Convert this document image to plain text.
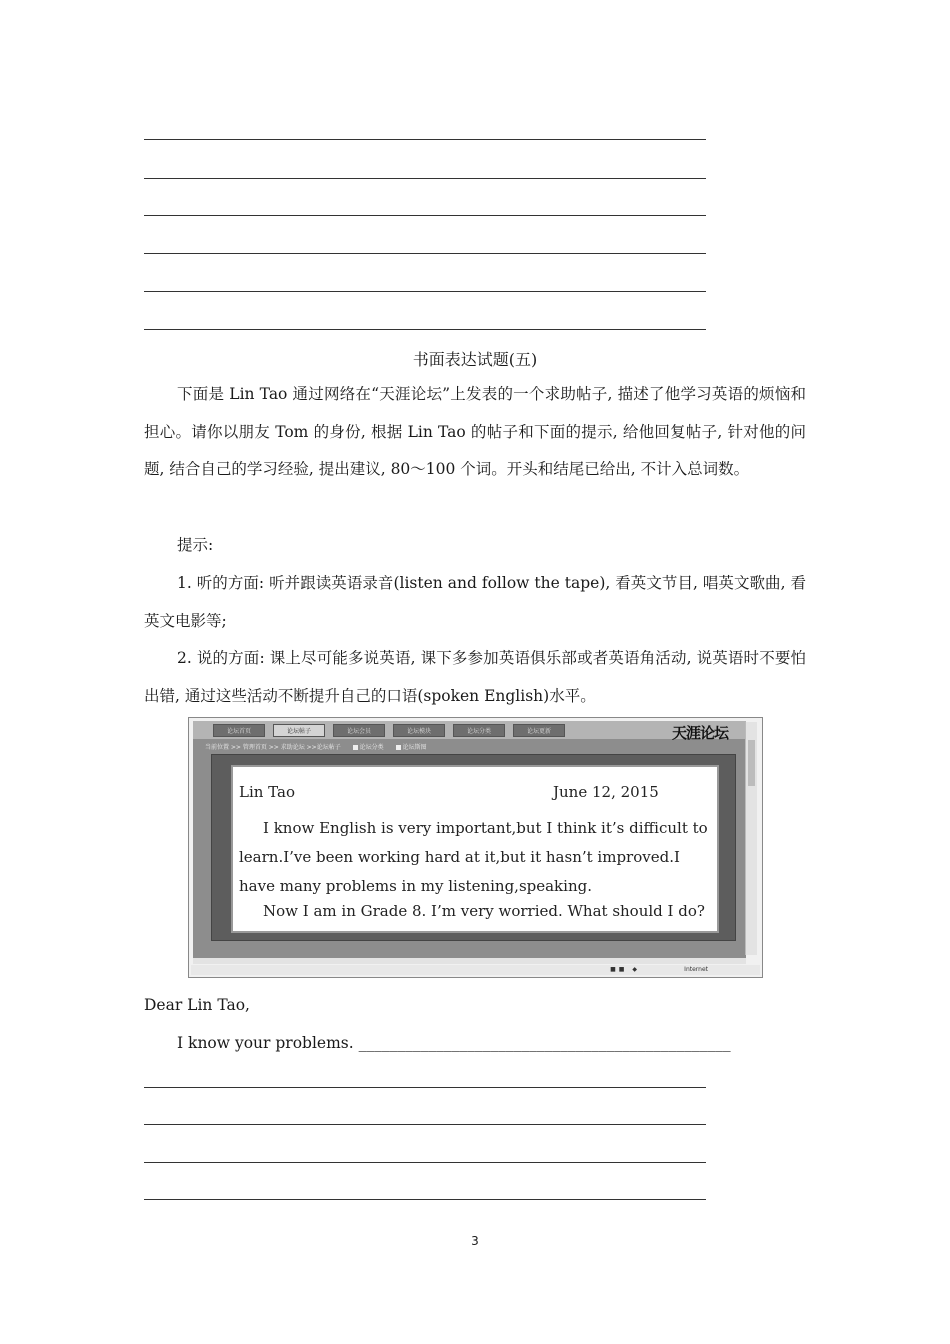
书面表达试题(五)
下面是 Lin Tao 通过网络在“天涯论坛”上发表的一个求助帖子, 描述了他学习英语的烦恼和担心。请你以朋友 Tom 的身份, 根据 Lin Tao 的帖子和下面的提示, 给他回复帖子, 针对他的问题, 结合自己的学习经验, 提出建议, 80～100 个词。开头和结尾已给出, 不计入总词数。
提示:
1. 听的方面: 听并跟读英语录音(listen and follow the tape), 看英文节目, 唱英文歌曲, 看英文电影等;
2. 说的方面: 课上尽可能多说英语, 课下多参加英语俱乐部或者英语角活动, 说英语时不要怕出错, 通过这些活动不断提升自己的口语(spoken English)水平。
论坛首页	论坛帖子	论坛会员	论坛模块	论坛分类	论坛更新	天涯论坛
当前位置 >> 管理首页 >> 求助论坛 >>论坛帖子	论坛分类	论坛斯图
Lin Tao	June 12, 2015
I know English is very important,but I think it’s difficult to learn.I’ve been working hard at it,but it hasn’t improved.I have many problems in my listening,speaking.
Now I am in Grade 8. I’m very worried. What should I do?
■■ ◆	Internet
Dear Lin Tao,
I know your problems. ________________________________________________
3
